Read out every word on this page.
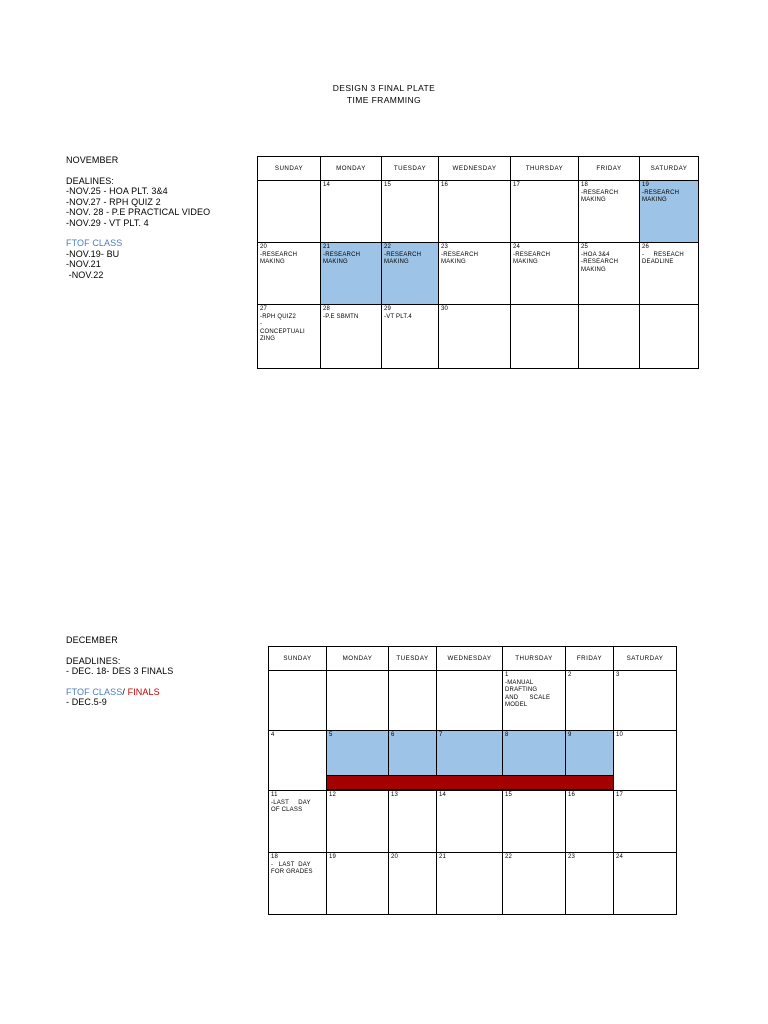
DESIGN 3 FINAL PLATE
TIME FRAMMING
NOVEMBER
DEALINES:
-NOV.25 - HOA PLT. 3&4
-NOV.27 - RPH QUIZ 2
-NOV. 28 - P.E PRACTICAL VIDEO
-NOV.29 - VT PLT. 4
FTOF CLASS
-NOV.19- BU
-NOV.21
-NOV.22
SUNDAY	MONDAY	TUESDAY	WEDNESDAY	THURSDAY	FRIDAY	SATURDAY

	14	15	16	17	18
-RESEARCH
MAKING	19
-RESEARCH
MAKING

20
-RESEARCH
MAKING	21
-RESEARCH
MAKING	22
-RESEARCH
MAKING	23
-RESEARCH
MAKING	24
-RESEARCH
MAKING	25
-HOA 3&4
-RESEARCH
MAKING	26
-     RESEACH
DEADLINE

27
-RPH QUIZ2
-
CONCEPTUALI
ZING	28
-P.E SBMTN	29
-VT PLT.4	30			

DECEMBER
DEADLINES:
- DEC. 18- DES 3 FINALS
FTOF CLASS/ FINALS
- DEC.5-9
SUNDAY	MONDAY	TUESDAY	WEDNESDAY	THURSDAY	FRIDAY	SATURDAY

				1
-MANUAL
DRAFTING
AND      SCALE
MODEL	2	3

4	5	6	7	8	9	10

11
-LAST     DAY
OF CLASS	12	13	14	15	16	17

18
-   LAST  DAY
FOR GRADES	19	20	21	22	23	24
